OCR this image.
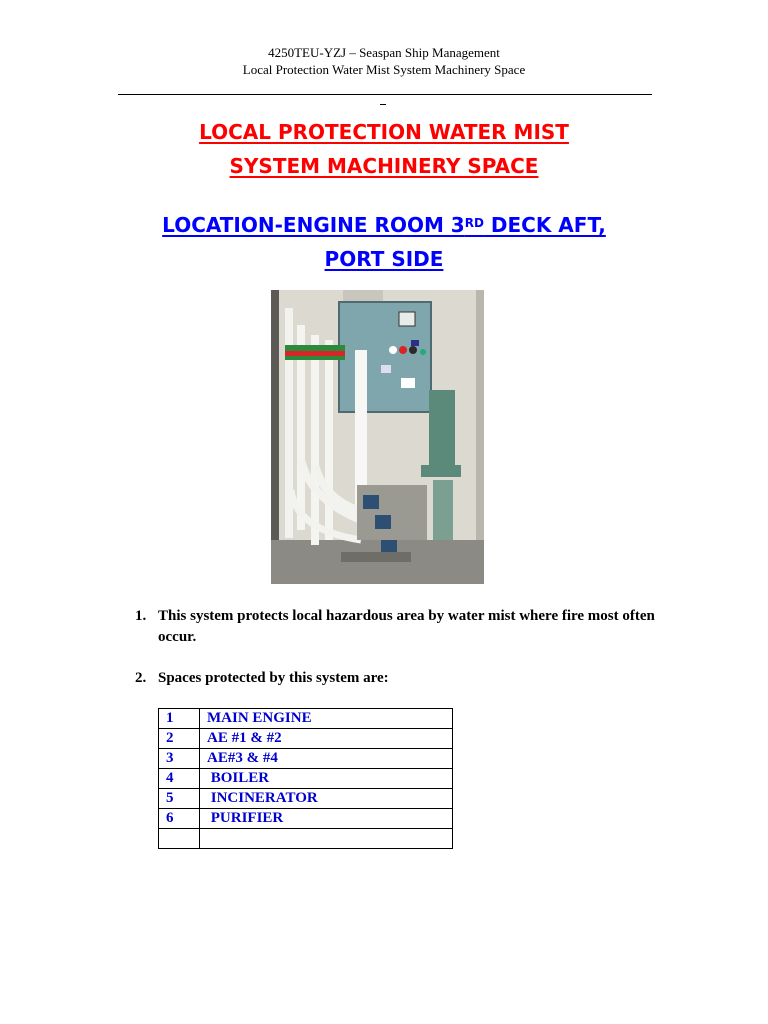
4250TEU-YZJ – Seaspan Ship Management
Local Protection Water Mist System Machinery Space
LOCAL PROTECTION WATER MIST
SYSTEM MACHINERY SPACE
LOCATION-ENGINE ROOM 3RD DECK AFT,
PORT SIDE
1. This system protects local hazardous area by water mist where fire most often occur.
2. Spaces protected by this system are:
1	MAIN ENGINE
2	AE #1 & #2
3	AE#3 & #4
4	BOILER
5	INCINERATOR
6	PURIFIER
